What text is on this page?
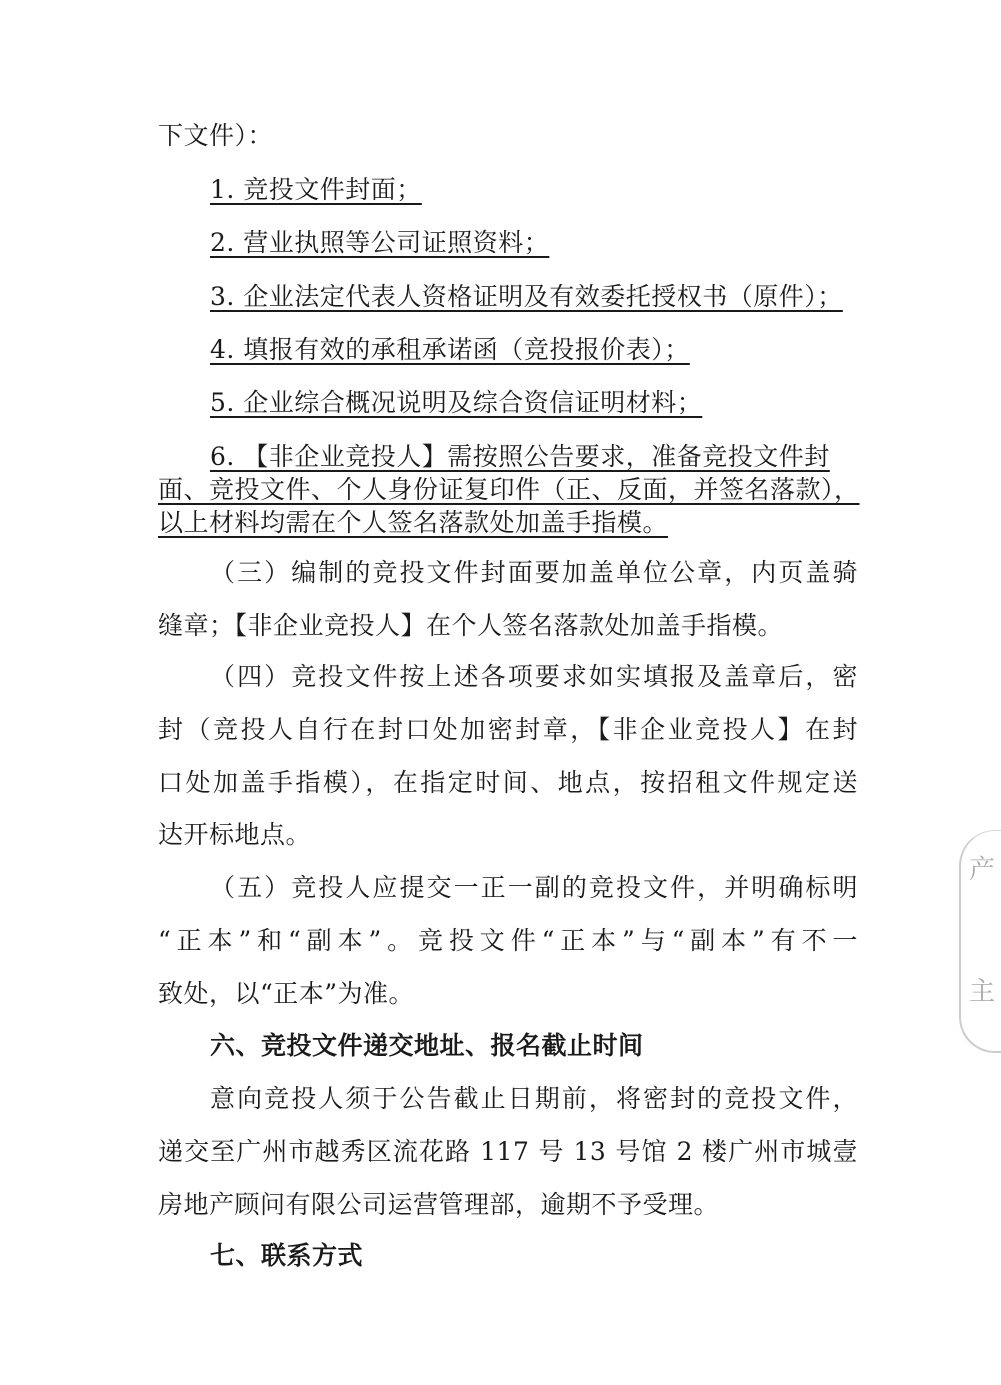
下文件）：
1. 竞投文件封面；
2. 营业执照等公司证照资料；
3. 企业法定代表人资格证明及有效委托授权书（原件）；
4. 填报有效的承租承诺函（竞投报价表）；
5. 企业综合概况说明及综合资信证明材料；
6. 【非企业竞投人】需按照公告要求，准备竞投文件封
面、竞投文件、个人身份证复印件（正、反面，并签名落款），
以上材料均需在个人签名落款处加盖手指模。
（三）编制的竞投文件封面要加盖单位公章，内页盖骑
缝章；【非企业竞投人】在个人签名落款处加盖手指模。
（四）竞投文件按上述各项要求如实填报及盖章后，密
封（竞投人自行在封口处加密封章，【非企业竞投人】在封
口处加盖手指模），在指定时间、地点，按招租文件规定送
达开标地点。
（五）竞投人应提交一正一副的竞投文件，并明确标明
“正本”和“副本”。竞投文件“正本”与“副本”有不一
致处，以“正本”为准。
六、竞投文件递交地址、报名截止时间
意向竞投人须于公告截止日期前，将密封的竞投文件，
递交至广州市越秀区流花路 117 号 13 号馆 2 楼广州市城壹
房地产顾问有限公司运营管理部，逾期不予受理。
七、联系方式
产
主
